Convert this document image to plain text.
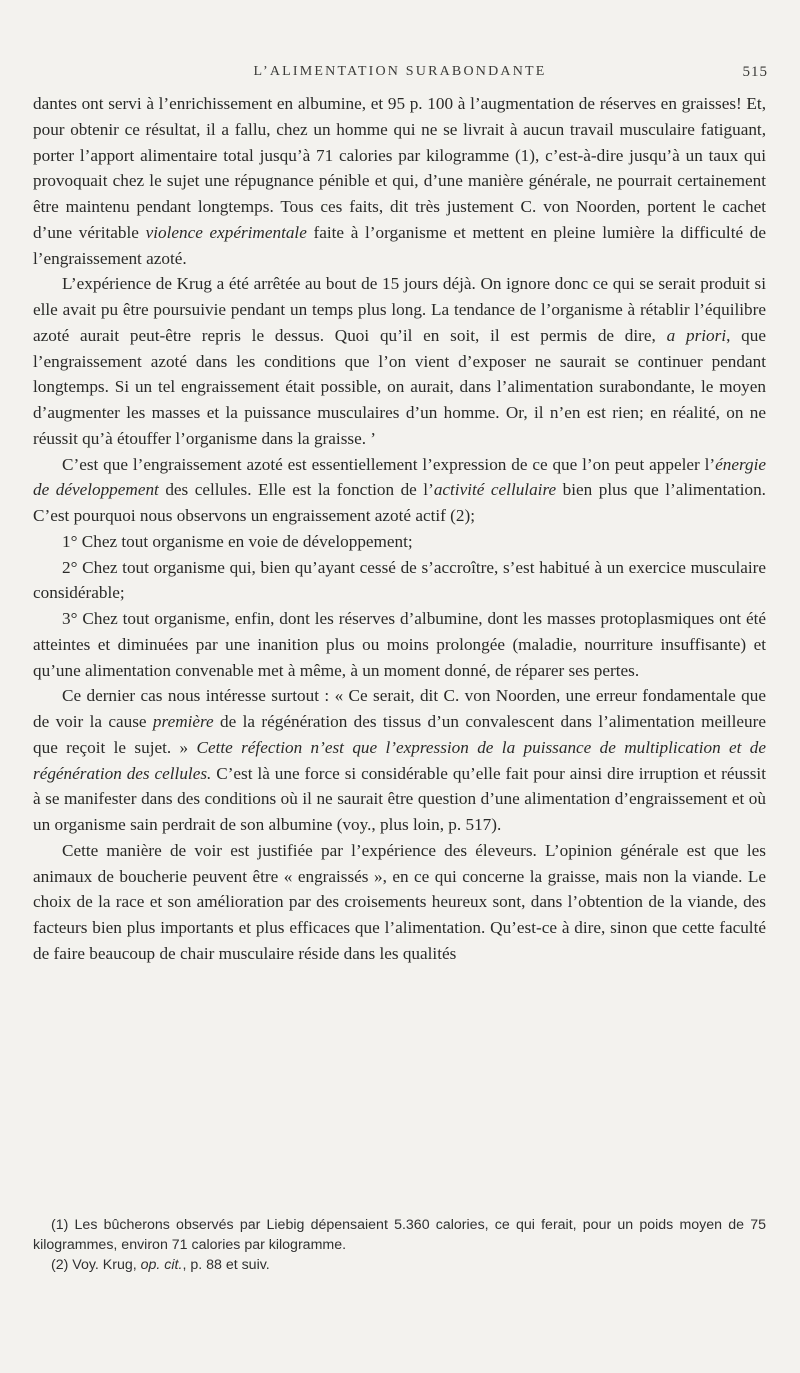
L’ALIMENTATION SURABONDANTE	515

dantes ont servi à l’enrichissement en albumine, et 95 p. 100 à l’augmentation de réserves en graisses! Et, pour obtenir ce résultat, il a fallu, chez un homme qui ne se livrait à aucun travail musculaire fatiguant, porter l’apport alimentaire total jusqu’à 71 calories par kilogramme (1), c’est-à-dire jusqu’à un taux qui provoquait chez le sujet une répugnance pénible et qui, d’une manière générale, ne pourrait certainement être maintenu pendant longtemps. Tous ces faits, dit très justement C. von Noorden, portent le cachet d’une véritable violence expérimentale faite à l’organisme et mettent en pleine lumière la difficulté de l’engraissement azoté.

L’expérience de Krug a été arrêtée au bout de 15 jours déjà. On ignore donc ce qui se serait produit si elle avait pu être poursuivie pendant un temps plus long. La tendance de l’organisme à rétablir l’équilibre azoté aurait peut-être repris le dessus. Quoi qu’il en soit, il est permis de dire, a priori, que l’engraissement azoté dans les conditions que l’on vient d’exposer ne saurait se continuer pendant longtemps. Si un tel engraissement était possible, on aurait, dans l’alimentation surabondante, le moyen d’augmenter les masses et la puissance musculaires d’un homme. Or, il n’en est rien; en réalité, on ne réussit qu’à étouffer l’organisme dans la graisse. ’

C’est que l’engraissement azoté est essentiellement l’expression de ce que l’on peut appeler l’énergie de développement des cellules. Elle est la fonction de l’activité cellulaire bien plus que l’alimentation. C’est pourquoi nous observons un engraissement azoté actif (2);

1° Chez tout organisme en voie de développement;

2° Chez tout organisme qui, bien qu’ayant cessé de s’accroître, s’est habitué à un exercice musculaire considérable;

3° Chez tout organisme, enfin, dont les réserves d’albumine, dont les masses protoplasmiques ont été atteintes et diminuées par une inanition plus ou moins prolongée (maladie, nourriture insuffisante) et qu’une alimentation convenable met à même, à un moment donné, de réparer ses pertes.

Ce dernier cas nous intéresse surtout : « Ce serait, dit C. von Noorden, une erreur fondamentale que de voir la cause première de la régénération des tissus d’un convalescent dans l’alimentation meilleure que reçoit le sujet. » Cette réfection n’est que l’expression de la puissance de multiplication et de régénération des cellules. C’est là une force si considérable qu’elle fait pour ainsi dire irruption et réussit à se manifester dans des conditions où il ne saurait être question d’une alimentation d’engraissement et où un organisme sain perdrait de son albumine (voy., plus loin, p. 517).

Cette manière de voir est justifiée par l’expérience des éleveurs. L’opinion générale est que les animaux de boucherie peuvent être « engraissés », en ce qui concerne la graisse, mais non la viande. Le choix de la race et son amélioration par des croisements heureux sont, dans l’obtention de la viande, des facteurs bien plus importants et plus efficaces que l’alimentation. Qu’est-ce à dire, sinon que cette faculté de faire beaucoup de chair musculaire réside dans les qualités

(1) Les bûcherons observés par Liebig dépensaient 5.360 calories, ce qui ferait, pour un poids moyen de 75 kilogrammes, environ 71 calories par kilogramme.

(2) Voy. Krug, op. cit., p. 88 et suiv.
